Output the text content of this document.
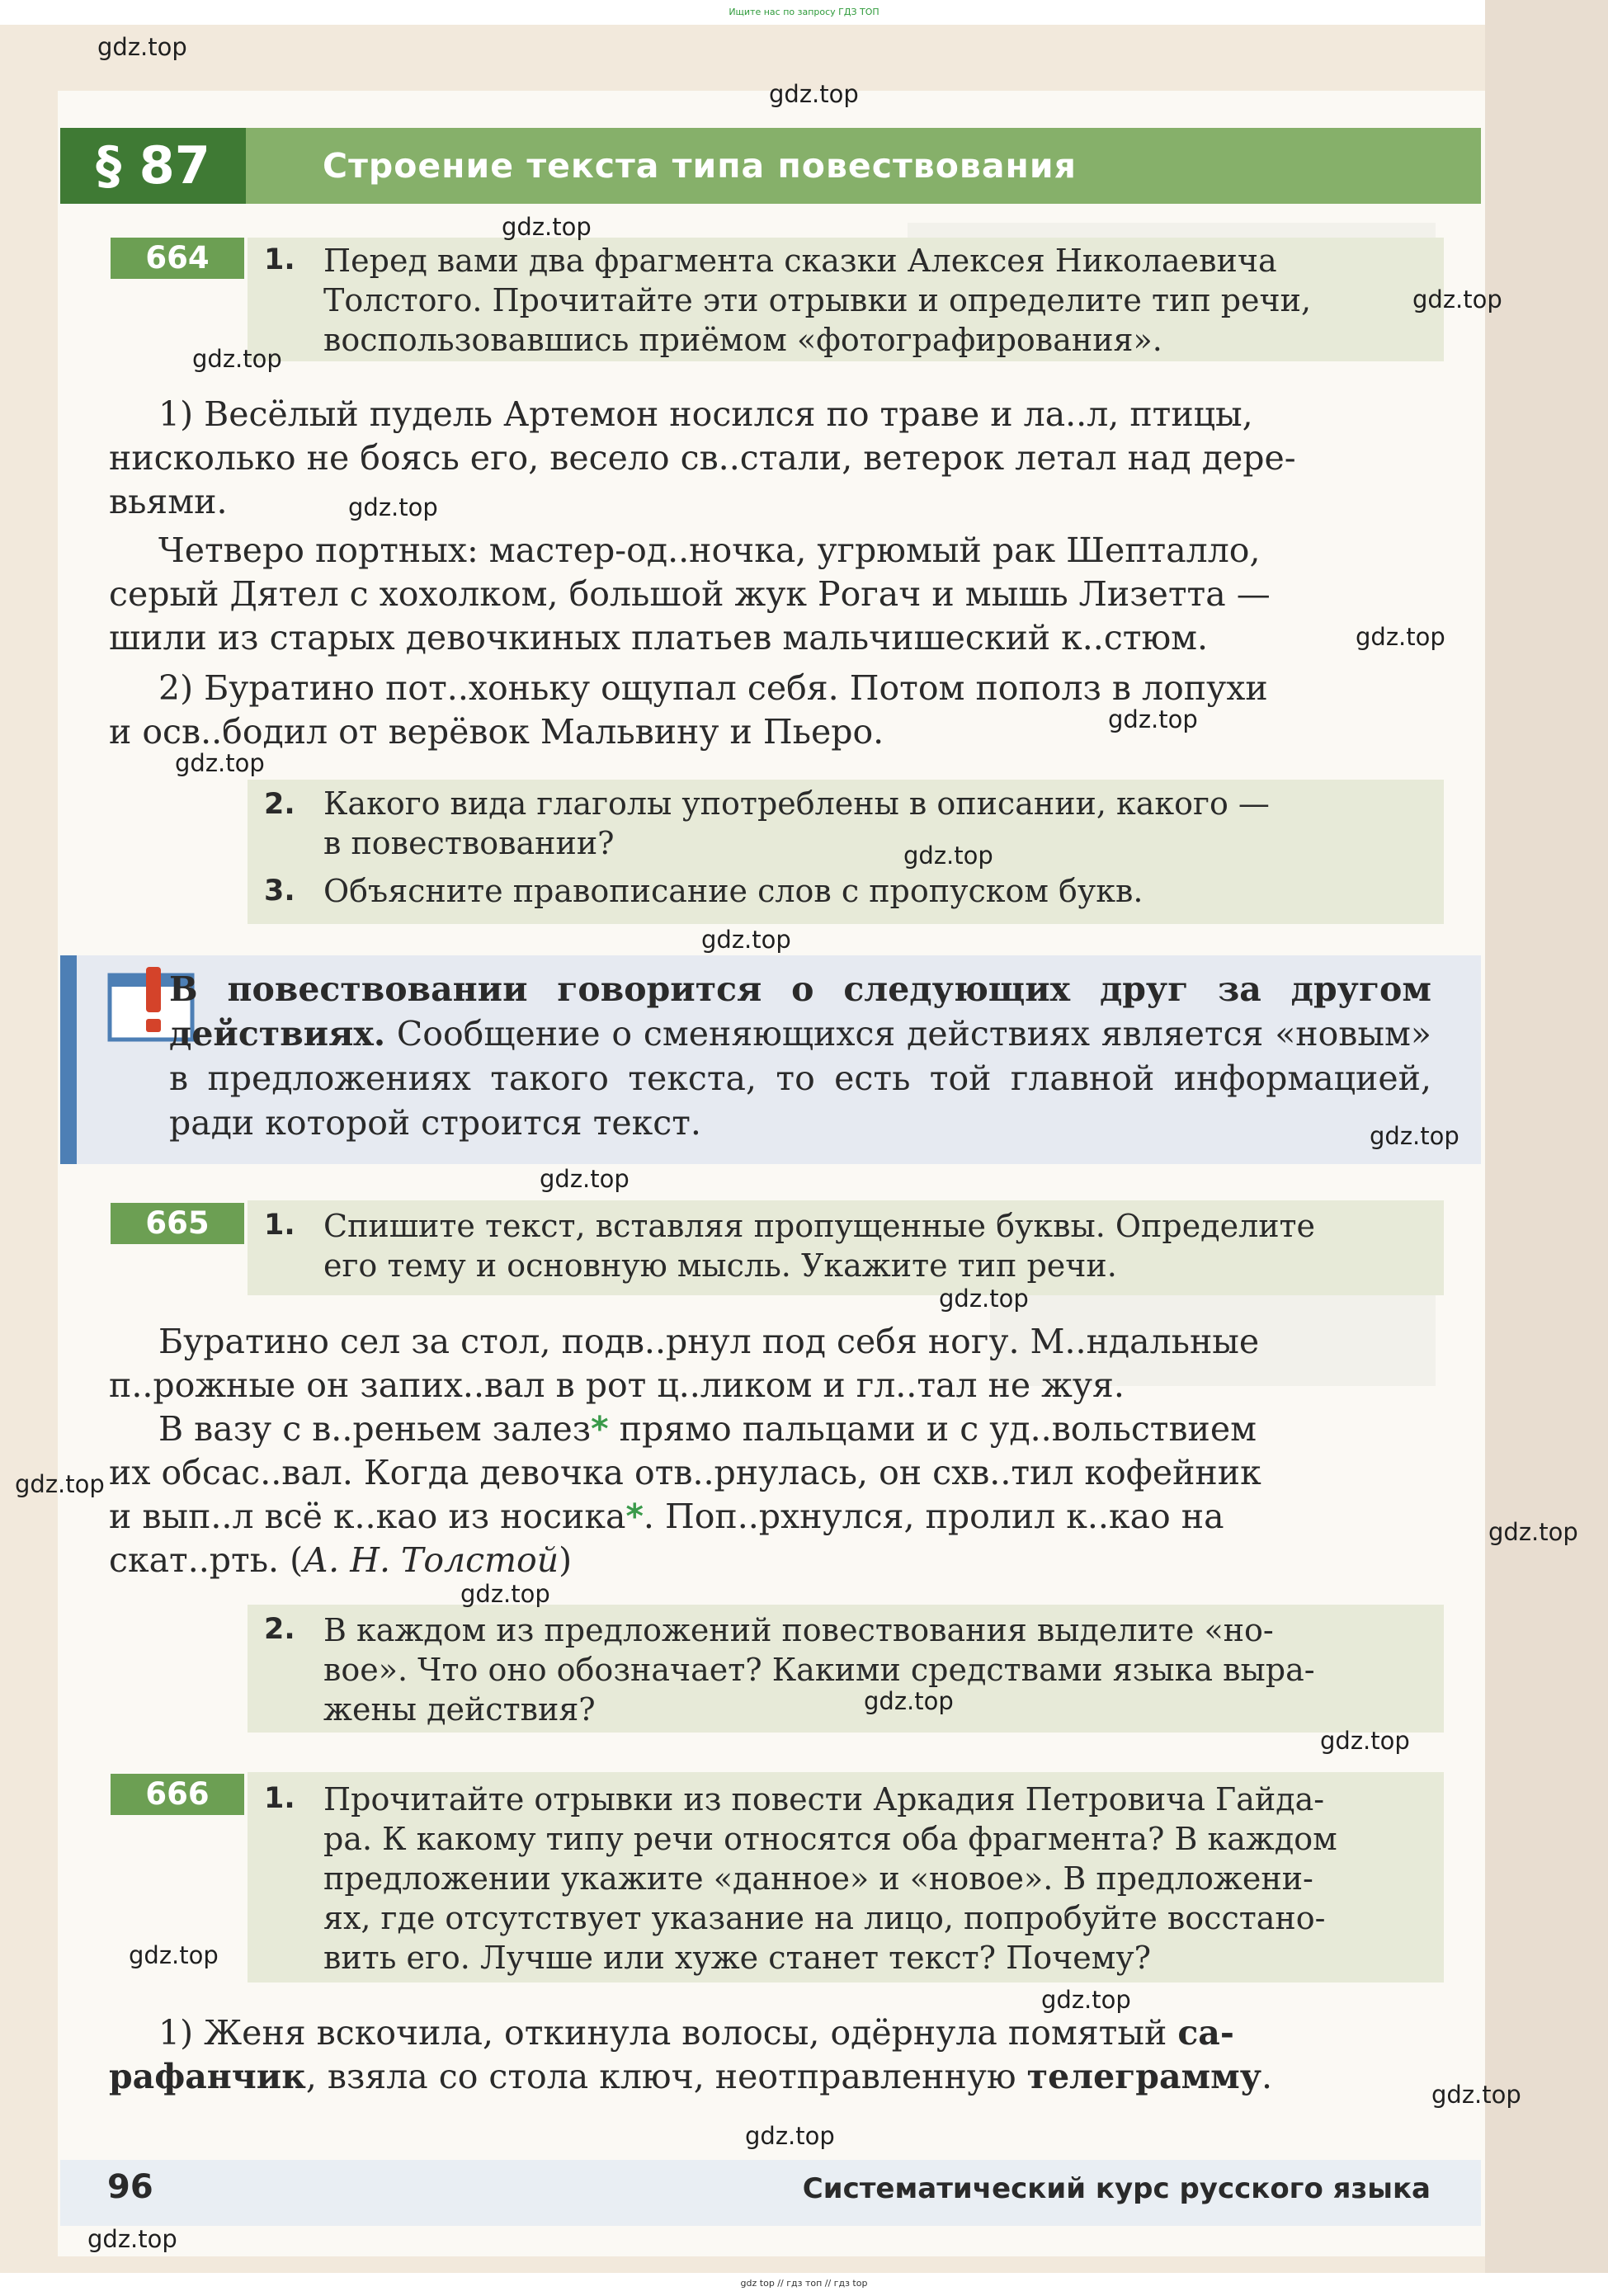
Ищите нас по запросу ГДЗ ТОП
§ 87	Строение текста типа повествования
664	1. Перед вами два фрагмента сказки Алексея Николаевича
Толстого. Прочитайте эти отрывки и определите тип речи,
воспользовавшись приёмом «фотографирования».
1) Весёлый пудель Артемон носился по траве и ла..л, птицы,
нисколько не боясь его, весело св..стали, ветерок летал над дере-
вьями.
Четверо портных: мастер-од..ночка, угрюмый рак Шепталло,
серый Дятел с хохолком, большой жук Рогач и мышь Лизетта —
шили из старых девочкиных платьев мальчишеский к..стюм.
2) Буратино пот..хоньку ощупал себя. Потом пополз в лопухи
и осв..бодил от верёвок Мальвину и Пьеро.
2. Какого вида глаголы употреблены в описании, какого —
в повествовании?
3. Объясните правописание слов с пропуском букв.
В повествовании говорится о следующих друг за другом действиях. Сообщение о сменяющихся действиях является «новым» в предложениях такого текста, то есть той главной информацией, ради которой строится текст.
665	1. Спишите текст, вставляя пропущенные буквы. Определите
его тему и основную мысль. Укажите тип речи.
Буратино сел за стол, подв..рнул под себя ногу. М..ндальные
п..рожные он запих..вал в рот ц..ликом и гл..тал не жуя.
В вазу с в..реньем залез* прямо пальцами и с уд..вольствием
их обсас..вал. Когда девочка отв..рнулась, он схв..тил кофейник
и вып..л всё к..као из носика*. Поп..рхнулся, пролил к..као на
скат..рть. (А. Н. Толстой)
2. В каждом из предложений повествования выделите «но-
вое». Что оно обозначает? Какими средствами языка выра-
жены действия?
666	1. Прочитайте отрывки из повести Аркадия Петровича Гайда-
ра. К какому типу речи относятся оба фрагмента? В каждом
предложении укажите «данное» и «новое». В предложени-
ях, где отсутствует указание на лицо, попробуйте восстано-
вить его. Лучше или хуже станет текст? Почему?
1) Женя вскочила, откинула волосы, одёрнула помятый са-
рафанчик, взяла со стола ключ, неотправленную телеграмму.
96	Систематический курс русского языка
gdz.top
gdz.top
gdz.top
gdz.top
gdz.top
gdz.top
gdz.top
gdz.top
gdz.top
gdz.top
gdz.top
gdz.top
gdz.top
gdz.top
gdz.top
gdz.top
gdz.top
gdz.top
gdz.top
gdz.top
gdz.top
gdz.top
gdz.top
gdz.top
gdz top // гдз топ // гдз top
